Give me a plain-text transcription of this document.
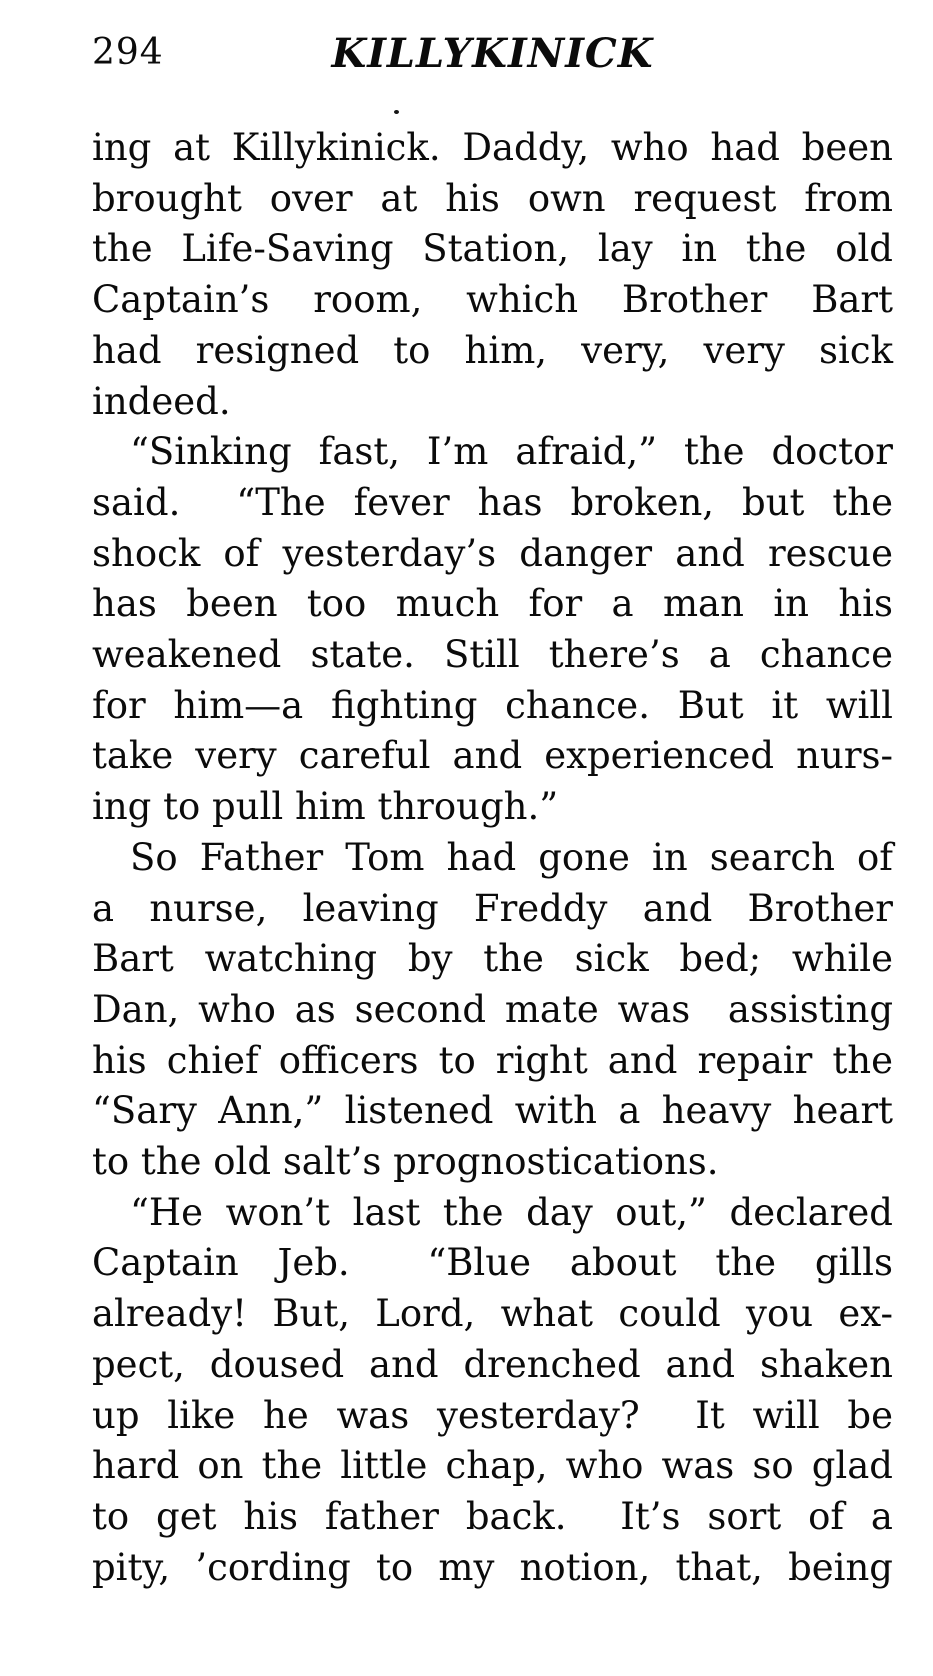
294	KILLYKINICK
ing at Killykinick. Daddy, who had been
brought over at his own request from
the Life-Saving Station, lay in the old
Captain’s room, which Brother Bart
had resigned to him, very, very sick
indeed.
“Sinking fast, I’m afraid,” the doctor
said.  “The fever has broken, but the
shock of yesterday’s danger and rescue
has been too much for a man in his
weakened state. Still there’s a chance
for him—a fighting chance. But it will
take very careful and experienced nurs-
ing to pull him through.”
So Father Tom had gone in search of
a nurse, leaving Freddy and Brother
Bart watching by the sick bed; while
Dan, who as second mate was  assisting
his chief officers to right and repair the
“Sary Ann,” listened with a heavy heart
to the old salt’s prognostications.
“He won’t last the day out,” declared
Captain Jeb.  “Blue about the gills
already! But, Lord, what could you ex-
pect, doused and drenched and shaken
up like he was yesterday?  It will be
hard on the little chap, who was so glad
to get his father back.  It’s sort of a
pity, ’cording to my notion, that, being
